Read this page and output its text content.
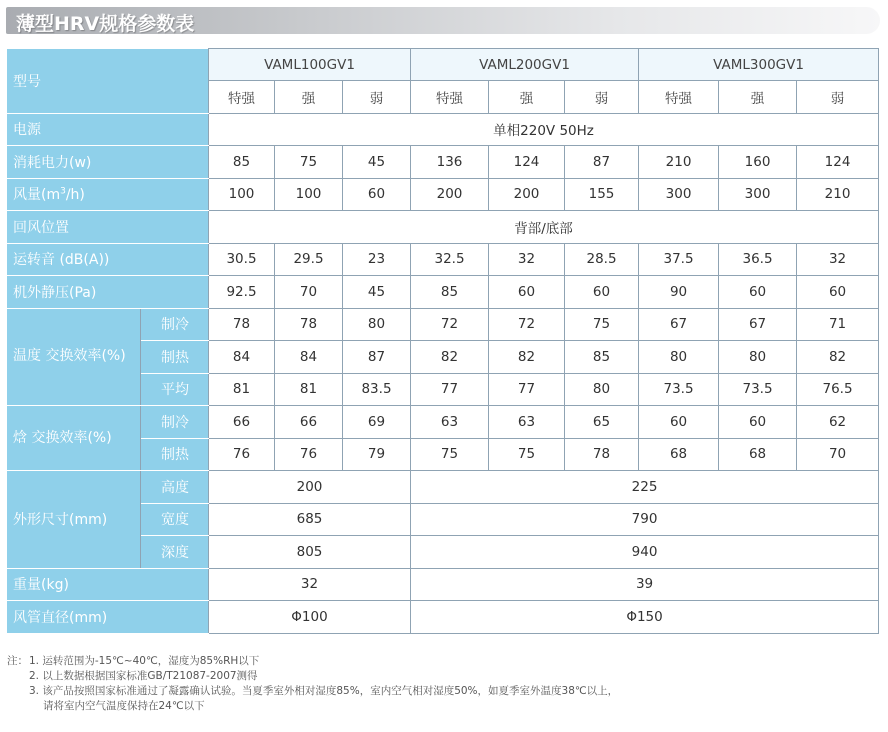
薄型HRV规格参数表
型号		VAML100GV1			VAML200GV1			VAML300GV1		
		特强	强	弱	特强	强	弱	特强	强	弱
电源		单相220V 50Hz								
消耗电力(w)		85	75	45	136	124	87	210	160	124
风量$(m^3/h)$		100	100	60	200	200	155	300	300	210
回风位置		背部/底部								
运转音 (dB(A))		30.5	29.5	23	32.5	32	28.5	37.5	36.5	32
机外静压(Pa)		92.5	70	45	85	60	60	90	60	60
温度 交换效率(%)	制冷	78	78	80	72	72	75	67	67	71
	制热	84	84	87	82	82	85	80	80	82
	平均	81	81	83.5	77	77	80	73.5	73.5	76.5
焓 交换效率(%)	制冷	66	66	69	63	63	65	60	60	62
	制热	76	76	79	75	75	78	68	68	70
外形尺寸(mm)	高度	200			225					
	宽度	685			790					
	深度	805			940					
重量(kg)		32			39					
风管直径(mm)		Φ100			Φ150					
注：1. 运转范围为-15℃~40℃，湿度为85%RH以下
2. 以上数据根据国家标准GB/T21087-2007测得
3. 该产品按照国家标准通过了凝露确认试验。当夏季室外相对湿度85%，室内空气相对湿度50%，如夏季室外温度38℃以上，
请将室内空气温度保持在24℃以下
